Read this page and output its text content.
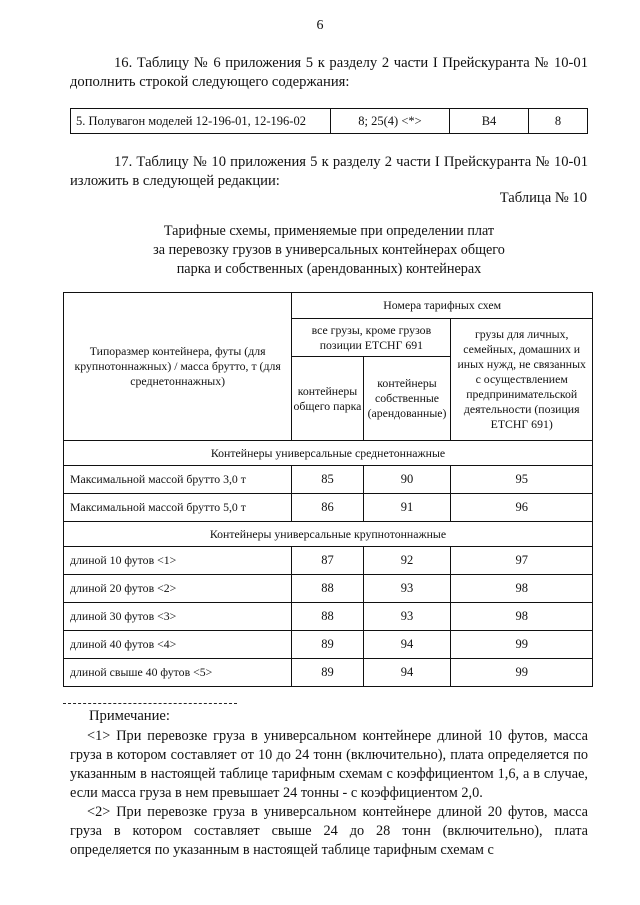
6
16. Таблицу № 6 приложения 5 к разделу 2 части I Прейскуранта № 10-01 дополнить строкой следующего содержания:
5. Полувагон моделей 12-196-01, 12-196-02	8; 25(4) <*>	В4	8
17. Таблицу № 10 приложения 5 к разделу 2 части I Прейскуранта № 10-01 изложить в следующей редакции:
Таблица № 10
Тарифные схемы, применяемые при определении плат
за перевозку грузов в универсальных контейнерах общего
парка и собственных (арендованных) контейнерах
Типоразмер контейнера, футы (для крупнотоннажных) / масса брутто, т (для среднетоннажных)	Номера тарифных схем		
	все грузы, кроме грузов позиции ЕТСНГ 691		грузы для личных, семейных, домашних и иных нужд, не связанных с осуществлением предпринимательской деятельности (позиция ЕТСНГ 691)
	контейнеры общего парка	контейнеры собственные (арендованные)	
Контейнеры универсальные среднетоннажные			
Максимальной массой брутто 3,0 т	85	90	95
Максимальной массой брутто 5,0 т	86	91	96
Контейнеры универсальные крупнотоннажные			
длиной 10 футов <1>	87	92	97
длиной 20 футов <2>	88	93	98
длиной 30 футов <3>	88	93	98
длиной 40 футов <4>	89	94	99
длиной свыше 40 футов <5>	89	94	99
Примечание:

<1> При перевозке груза в универсальном контейнере длиной 10 футов, масса груза в котором составляет от 10 до 24 тонн (включительно), плата определяется по указанным в настоящей таблице тарифным схемам с коэффициентом 1,6, а в случае, если масса груза в нем превышает 24 тонны - с коэффициентом 2,0.

<2> При перевозке груза в универсальном контейнере длиной 20 футов, масса груза в котором составляет свыше 24 до 28 тонн (включительно), плата определяется по указанным в настоящей таблице тарифным схемам с
